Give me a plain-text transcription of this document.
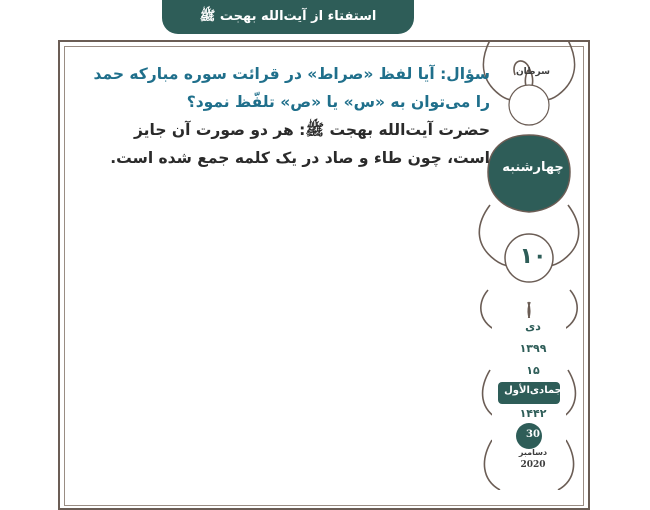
استفتاء از آیت‌الله بهجت ﷺ
سرطان
چهارشنبه
۱۰
دی
۱۳۹۹
۱۵
جمادی‌الأول
۱۴۴۲
30
دسامبر
2020

سؤال: آیا لفظ «صراط» در قرائت سوره مبارکه حمد را می‌توان به «س» یا «ص» تلفّظ نمود؟

حضرت آیت‌الله بهجت ﷺ: هر دو صورت آن جایز است، چون طاء و صاد در یک کلمه جمع شده است.
